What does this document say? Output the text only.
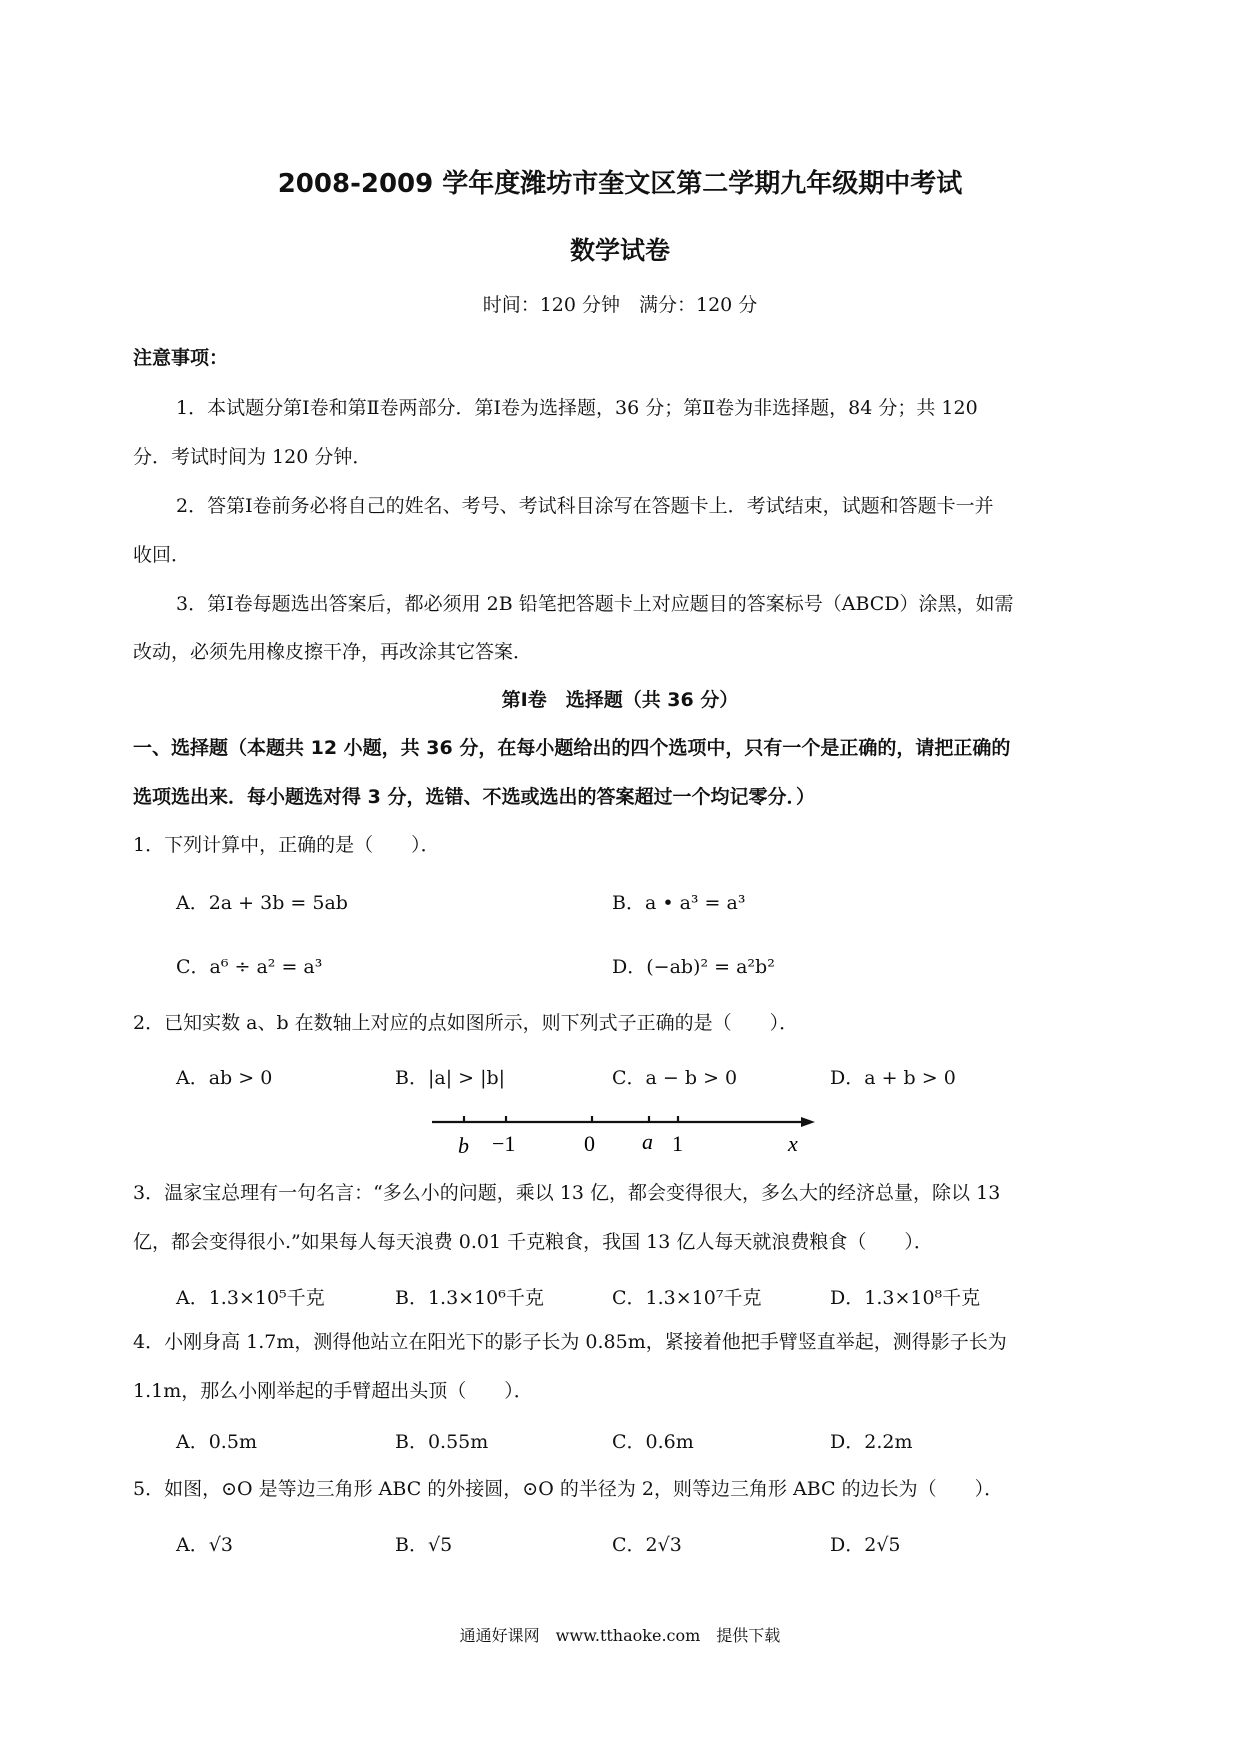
2008-2009 学年度潍坊市奎文区第二学期九年级期中考试
数学试卷
时间：120 分钟　满分：120 分
注意事项：
1．本试题分第Ⅰ卷和第Ⅱ卷两部分．第Ⅰ卷为选择题，36 分；第Ⅱ卷为非选择题，84 分；共 120
分．考试时间为 120 分钟．
2．答第Ⅰ卷前务必将自己的姓名、考号、考试科目涂写在答题卡上．考试结束，试题和答题卡一并
收回．
3．第Ⅰ卷每题选出答案后，都必须用 2B 铅笔把答题卡上对应题目的答案标号（ABCD）涂黑，如需
改动，必须先用橡皮擦干净，再改涂其它答案．
第Ⅰ卷　选择题（共 36 分）
一、选择题（本题共 12 小题，共 36 分，在每小题给出的四个选项中，只有一个是正确的，请把正确的
选项选出来．每小题选对得 3 分，选错、不选或选出的答案超过一个均记零分．）
1．下列计算中，正确的是（　　）．
A．2a + 3b = 5ab	B．a • a³ = a³
C．a⁶ ÷ a² = a³	D．(−ab)² = a²b²
2．已知实数 a、b 在数轴上对应的点如图所示，则下列式子正确的是（　　）．
A．ab > 0	B．|a| > |b|	C．a − b > 0	D．a + b > 0
b −1	0 a 1	x
3．温家宝总理有一句名言：“多么小的问题，乘以 13 亿，都会变得很大，多么大的经济总量，除以 13
亿，都会变得很小.”如果每人每天浪费 0.01 千克粮食，我国 13 亿人每天就浪费粮食（　　）．
A．1.3×10⁵千克	B．1.3×10⁶千克	C．1.3×10⁷千克	D．1.3×10⁸千克
4．小刚身高 1.7m，测得他站立在阳光下的影子长为 0.85m，紧接着他把手臂竖直举起，测得影子长为
1.1m，那么小刚举起的手臂超出头顶（　　）．
A．0.5m	B．0.55m	C．0.6m	D．2.2m
5．如图，⊙O 是等边三角形 ABC 的外接圆，⊙O 的半径为 2，则等边三角形 ABC 的边长为（　　）．
A．√3	B．√5	C．2√3	D．2√5
通通好课网　www.tthaoke.com　提供下载
